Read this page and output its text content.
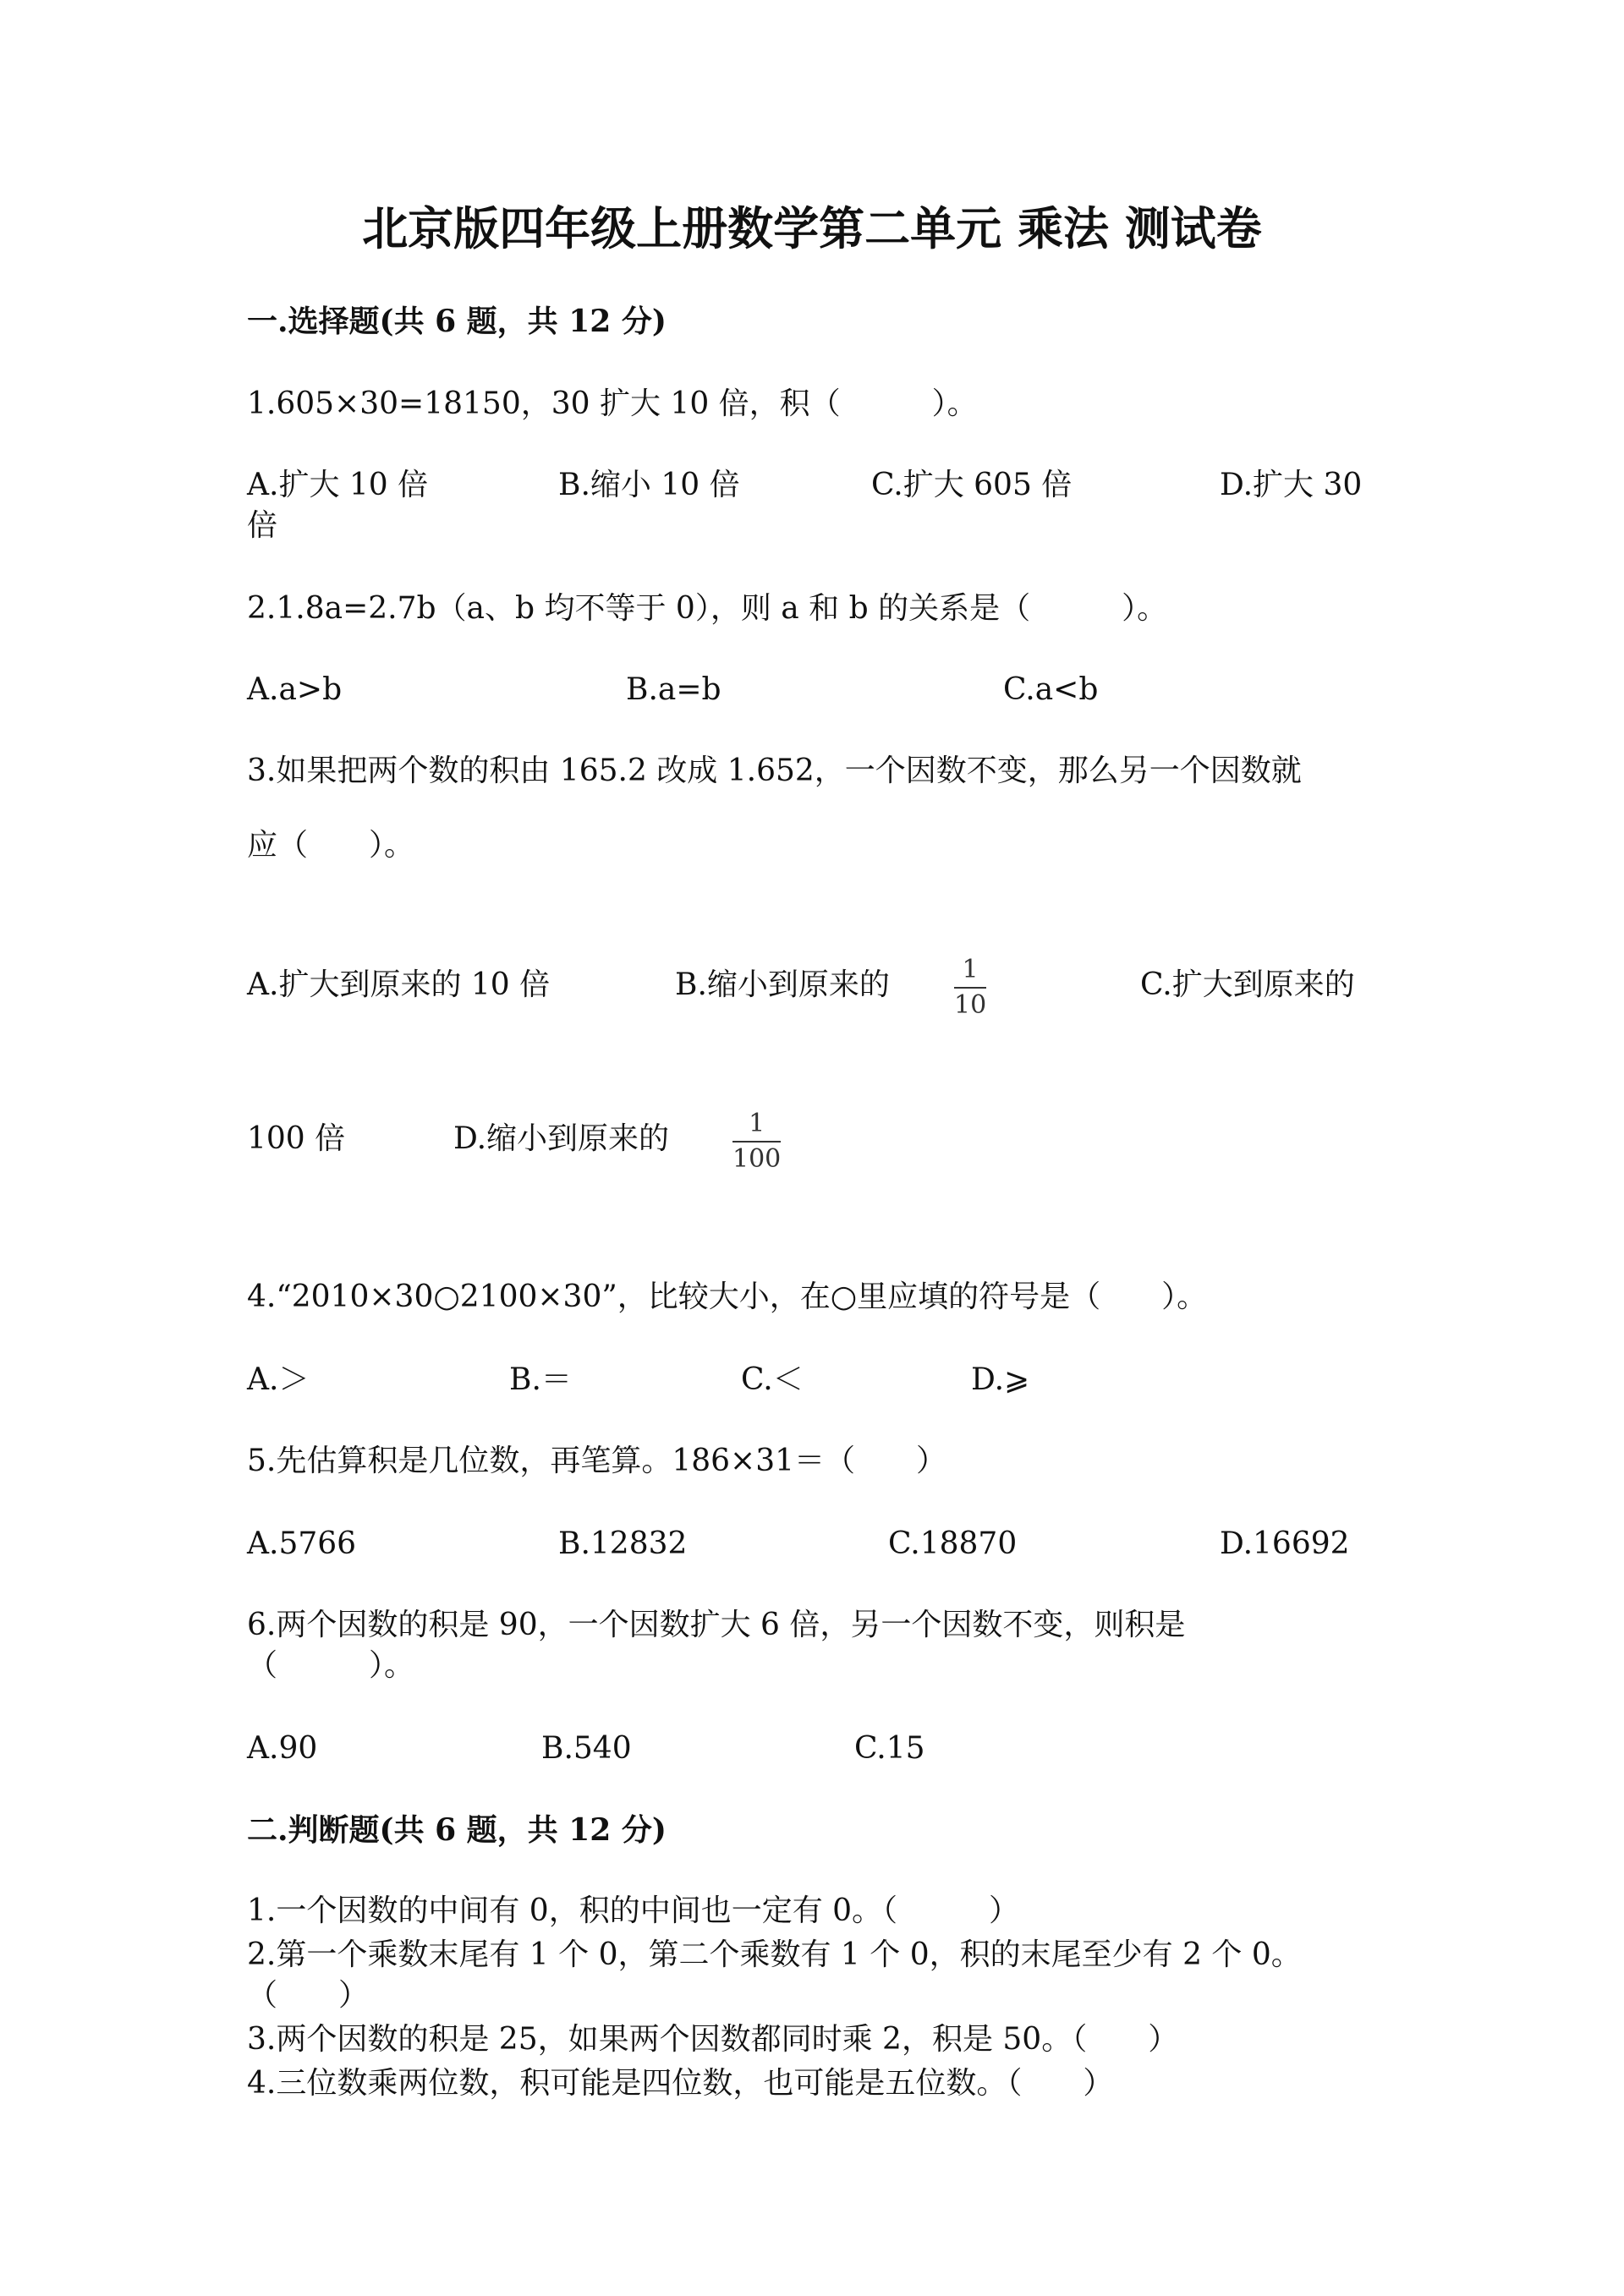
北京版四年级上册数学第二单元 乘法 测试卷
一.选择题(共 6 题，共 12 分)
1.605×30=18150，30 扩大 10 倍，积（　　　）。
A.扩大 10 倍	B.缩小 10 倍	C.扩大 605 倍	D.扩大 30
倍
2.1.8a=2.7b（a、b 均不等于 0），则 a 和 b 的关系是（　　　）。
A.a>b	B.a=b	C.a<b
3.如果把两个数的积由 165.2 改成 1.652，一个因数不变，那么另一个因数就
应（　　）。
A.扩大到原来的 10 倍	B.缩小到原来的	1
10
C.扩大到原来的
100 倍	D.缩小到原来的	1
100
4.“2010×30○2100×30”，比较大小，在○里应填的符号是（　　）。
A.＞	B.＝	C.＜	D.⩾
5.先估算积是几位数，再笔算。186×31＝（　　）
A.5766	B.12832	C.18870	D.16692
6.两个因数的积是 90，一个因数扩大 6 倍，另一个因数不变，则积是
（　　　）。
A.90	B.540	C.15
二.判断题(共 6 题，共 12 分)
1.一个因数的中间有 0，积的中间也一定有 0。（　　　）
2.第一个乘数末尾有 1 个 0，第二个乘数有 1 个 0，积的末尾至少有 2 个 0。
（　　）
3.两个因数的积是 25，如果两个因数都同时乘 2，积是 50。（　　）
4.三位数乘两位数，积可能是四位数，也可能是五位数。（　　）
